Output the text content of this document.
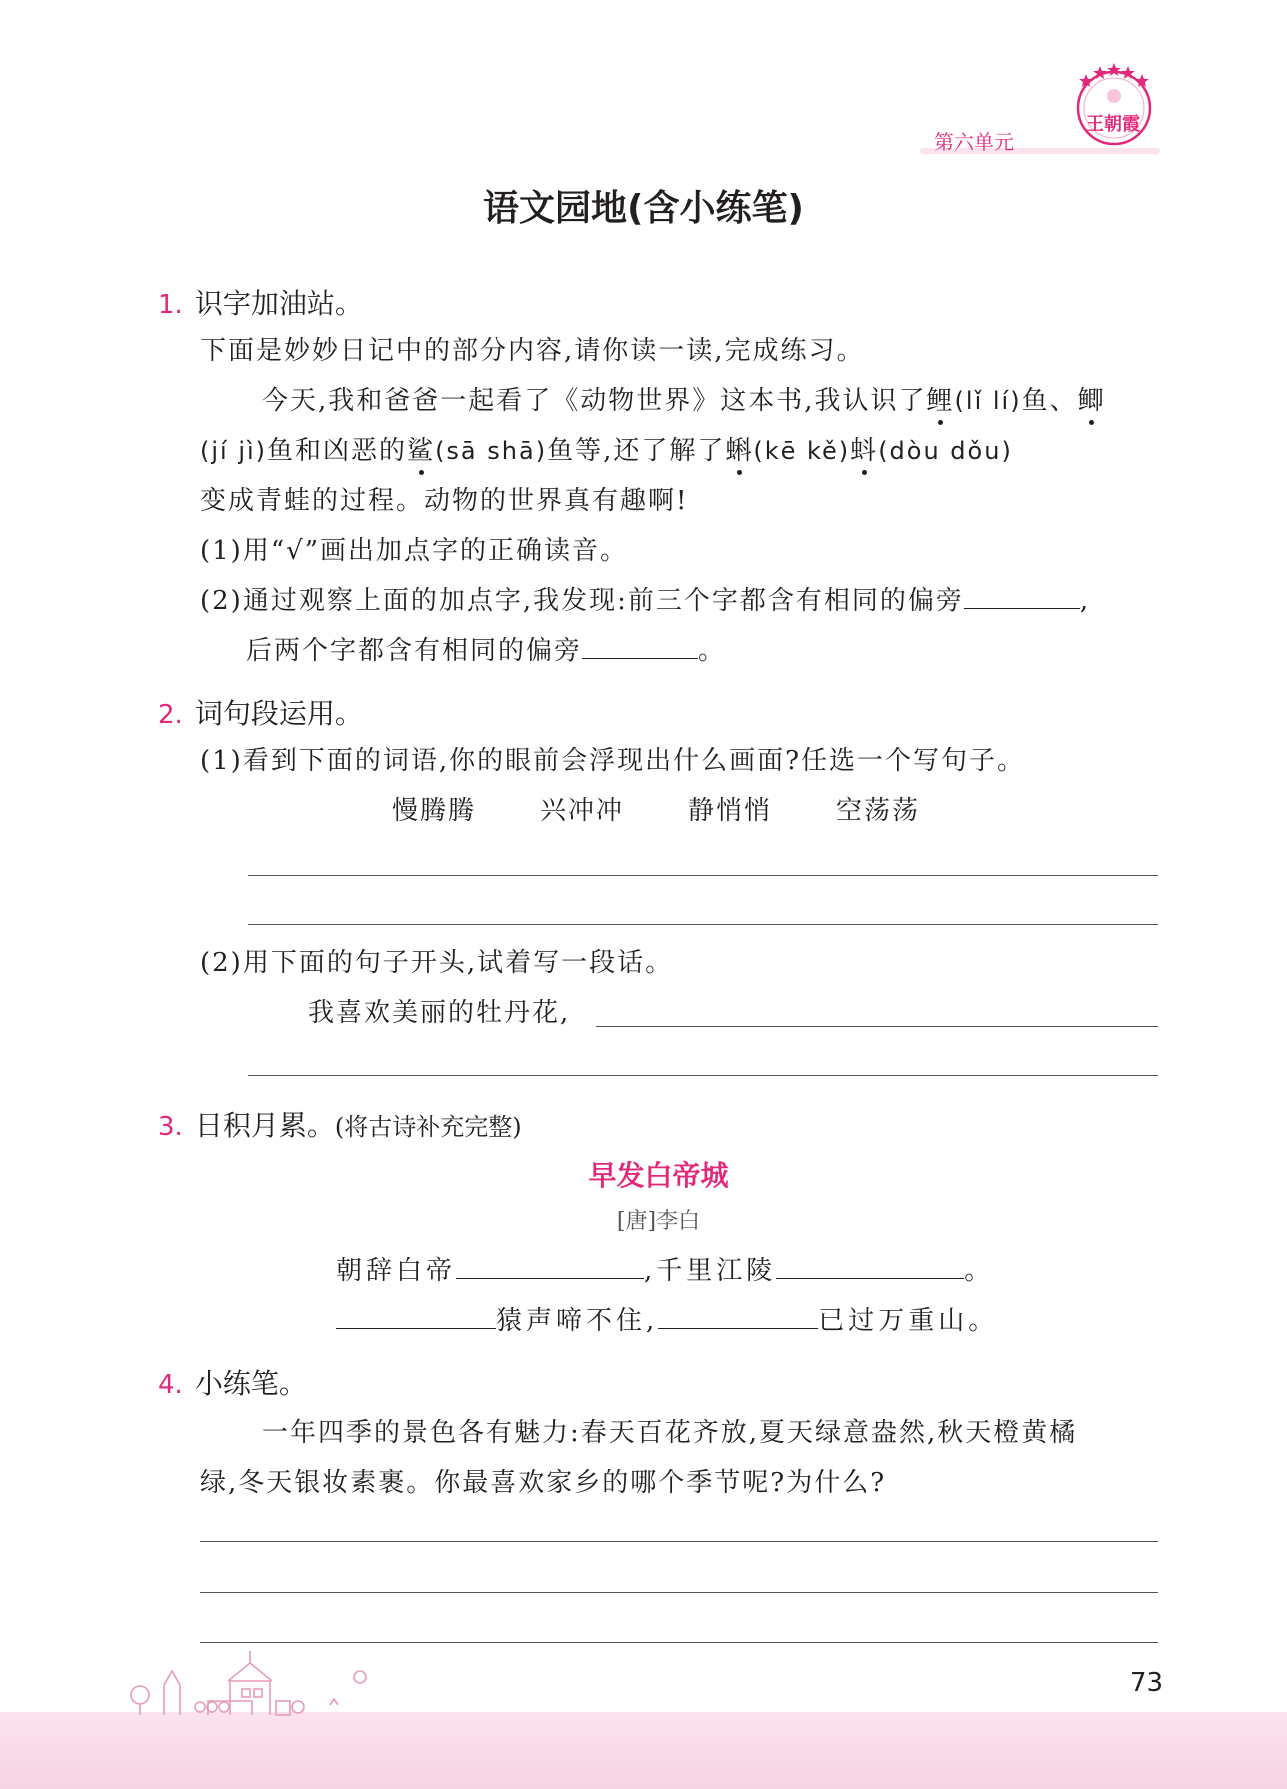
第六单元
王朝霞
语文园地(含小练笔)
1. 识字加油站。
下面是妙妙日记中的部分内容,请你读一读,完成练习。
今天,我和爸爸一起看了《动物世界》这本书,我认识了鲤(lǐ lí)鱼、鲫
(jí jì)鱼和凶恶的鲨(sā shā)鱼等,还了解了蝌(kē kě)蚪(dòu dǒu)
变成青蛙的过程。动物的世界真有趣啊!
(1)用“√”画出加点字的正确读音。
(2)通过观察上面的加点字,我发现:前三个字都含有相同的偏旁	,
后两个字都含有相同的偏旁	。
2. 词句段运用。
(1)看到下面的词语,你的眼前会浮现出什么画面?任选一个写句子。
慢腾腾 兴冲冲 静悄悄 空荡荡
(2)用下面的句子开头,试着写一段话。
我喜欢美丽的牡丹花,
3. 日积月累。(将古诗补充完整)
早发白帝城
[唐]李白
朝辞白帝	,千里江陵	。
猿声啼不住,	已过万重山。
4. 小练笔。
一年四季的景色各有魅力:春天百花齐放,夏天绿意盎然,秋天橙黄橘
绿,冬天银妆素裹。你最喜欢家乡的哪个季节呢?为什么?
73
